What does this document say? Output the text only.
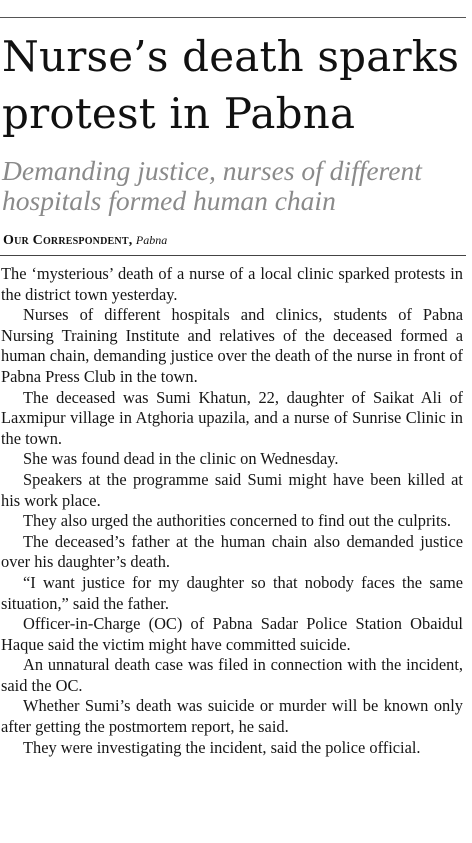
Nurse’s death sparks protest in Pabna
Demanding justice, nurses of different hospitals formed human chain
Our Correspondent, Pabna

The ‘mysterious’ death of a nurse of a local clinic sparked protests in the district town yesterday.

Nurses of different hospitals and clinics, students of Pabna Nursing Training Institute and relatives of the deceased formed a human chain, demanding justice over the death of the nurse in front of Pabna Press Club in the town.

The deceased was Sumi Khatun, 22, daughter of Saikat Ali of Laxmipur village in Atghoria upazila, and a nurse of Sunrise Clinic in the town.

She was found dead in the clinic on Wednesday.

Speakers at the programme said Sumi might have been killed at his work place.

They also urged the authorities concerned to find out the culprits.

The deceased’s father at the human chain also demanded justice over his daughter’s death.

“I want justice for my daughter so that nobody faces the same situation,” said the father.

Officer-in-Charge (OC) of Pabna Sadar Police Station Obaidul Haque said the victim might have committed suicide.

An unnatural death case was filed in connection with the incident, said the OC.

Whether Sumi’s death was suicide or murder will be known only after getting the postmortem report, he said.

They were investigating the incident, said the police official.
